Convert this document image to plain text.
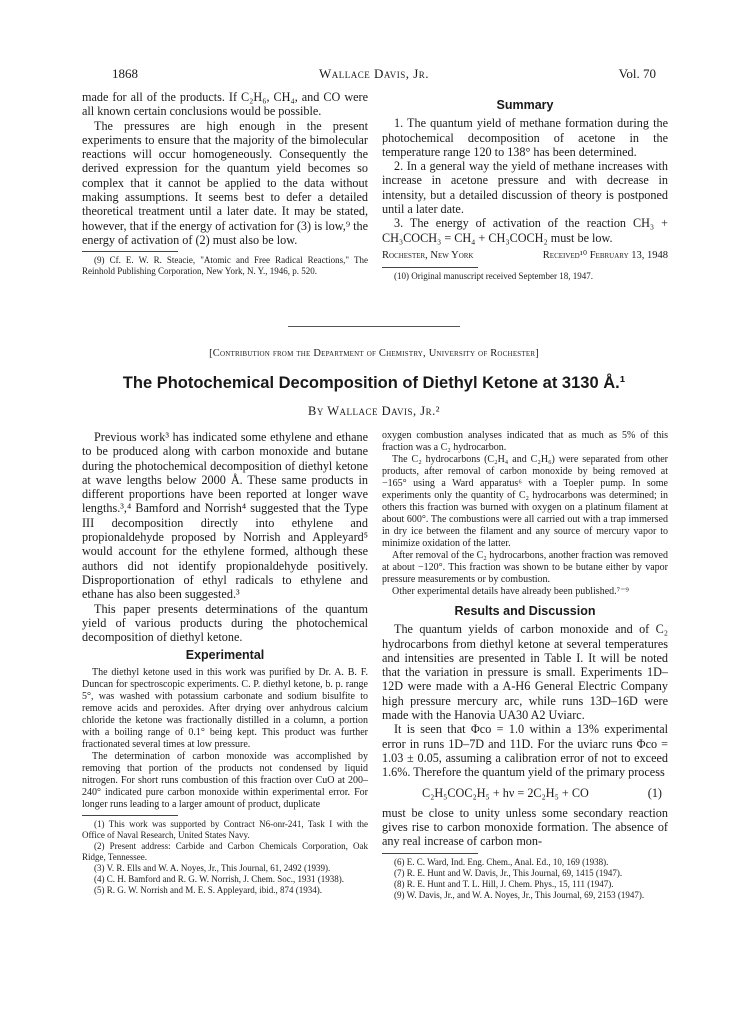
1868	Wallace Davis, Jr.	Vol. 70

made for all of the products. If C₂H₆, CH₄, and CO were all known certain conclusions would be possible.

The pressures are high enough in the present experiments to ensure that the majority of the bimolecular reactions will occur homogeneously. Consequently the derived expression for the quantum yield becomes so complex that it cannot be applied to the data without making assumptions. It seems best to defer a detailed theoretical treatment until a later date. It may be stated, however, that if the energy of activation for (3) is low,⁹ the energy of activation of (2) must also be low.

(9) Cf. E. W. R. Steacie, "Atomic and Free Radical Reactions," The Reinhold Publishing Corporation, New York, N. Y., 1946, p. 520.

Summary

1. The quantum yield of methane formation during the photochemical decomposition of acetone in the temperature range 120 to 138° has been determined.

2. In a general way the yield of methane increases with increase in acetone pressure and with decrease in intensity, but a detailed discussion of theory is postponed until a later date.

3. The energy of activation of the reaction CH₃ + CH₃COCH₃ = CH₄ + CH₃COCH₂ must be low.

Rochester, New York	Received¹⁰ February 13, 1948

(10) Original manuscript received September 18, 1947.

[Contribution from the Department of Chemistry, University of Rochester]
The Photochemical Decomposition of Diethyl Ketone at 3130 Å.¹
By Wallace Davis, Jr.²

Previous work³ has indicated some ethylene and ethane to be produced along with carbon monoxide and butane during the photochemical decomposition of diethyl ketone at wave lengths below 2000 Å. These same products in different proportions have been reported at longer wave lengths.³,⁴ Bamford and Norrish⁴ suggested that the Type III decomposition directly into ethylene and propionaldehyde proposed by Norrish and Appleyard⁵ would account for the ethylene formed, although these authors did not identify propionaldehyde positively. Disproportionation of ethyl radicals to ethylene and ethane has also been suggested.³

This paper presents determinations of the quantum yield of various products during the photochemical decomposition of diethyl ketone.

Experimental

The diethyl ketone used in this work was purified by Dr. A. B. F. Duncan for spectroscopic experiments. C. P. diethyl ketone, b. p. range 5°, was washed with potassium carbonate and sodium bisulfite to remove acids and peroxides. After drying over anhydrous calcium chloride the ketone was fractionally distilled in a column, a portion with a boiling range of 0.1° being kept. This product was further fractionated several times at low pressure.

The determination of carbon monoxide was accomplished by removing that portion of the products not condensed by liquid nitrogen. For short runs combustion of this fraction over CuO at 200–240° indicated pure carbon monoxide within experimental error. For longer runs leading to a larger amount of product, duplicate

(1) This work was supported by Contract N6-onr-241, Task I with the Office of Naval Research, United States Navy.

(2) Present address: Carbide and Carbon Chemicals Corporation, Oak Ridge, Tennessee.

(3) V. R. Ells and W. A. Noyes, Jr., This Journal, 61, 2492 (1939).

(4) C. H. Bamford and R. G. W. Norrish, J. Chem. Soc., 1931 (1938).

(5) R. G. W. Norrish and M. E. S. Appleyard, ibid., 874 (1934).

oxygen combustion analyses indicated that as much as 5% of this fraction was a C₂ hydrocarbon.

The C₂ hydrocarbons (C₂H₄ and C₂H₆) were separated from other products, after removal of carbon monoxide by being removed at −165° using a Ward apparatus⁶ with a Toepler pump. In some experiments only the quantity of C₂ hydrocarbons was determined; in others this fraction was burned with oxygen on a platinum filament at about 600°. The combustions were all carried out with a trap immersed in dry ice between the filament and any source of mercury vapor to minimize oxidation of the latter.

After removal of the C₂ hydrocarbons, another fraction was removed at about −120°. This fraction was shown to be butane either by vapor pressure measurements or by combustion.

Other experimental details have already been published.⁷⁻⁹

Results and Discussion

The quantum yields of carbon monoxide and of C₂ hydrocarbons from diethyl ketone at several temperatures and intensities are presented in Table I. It will be noted that the variation in pressure is small. Experiments 1D–12D were made with a A-H6 General Electric Company high pressure mercury arc, while runs 13D–16D were made with the Hanovia UA30 A2 Uviarc.

It is seen that Φco = 1.0 within a 13% experimental error in runs 1D–7D and 11D. For the uviarc runs Φco = 1.03 ± 0.05, assuming a calibration error of not to exceed 1.6%. Therefore the quantum yield of the primary process

C₂H₅COC₂H₅ + hν = 2C₂H₅ + CO	(1)

must be close to unity unless some secondary reaction gives rise to carbon monoxide formation. The absence of any real increase of carbon mon-

(6) E. C. Ward, Ind. Eng. Chem., Anal. Ed., 10, 169 (1938).

(7) R. E. Hunt and W. Davis, Jr., This Journal, 69, 1415 (1947).

(8) R. E. Hunt and T. L. Hill, J. Chem. Phys., 15, 111 (1947).

(9) W. Davis, Jr., and W. A. Noyes, Jr., This Journal, 69, 2153 (1947).
